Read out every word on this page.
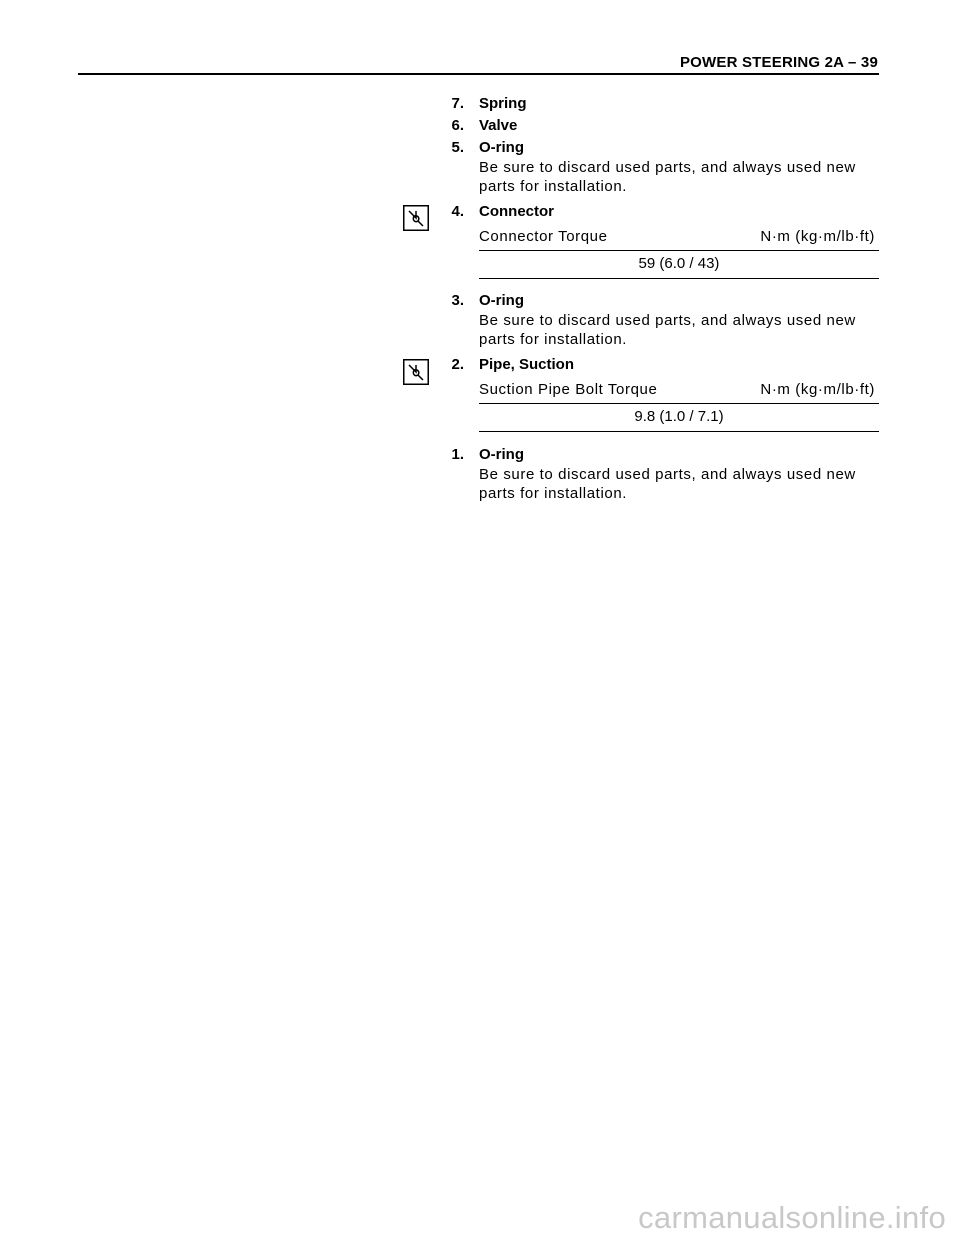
POWER STEERING 2A – 39
7. Spring
6. Valve
5. O-ring
Be sure to discard used parts, and always used new parts for installation.
4. Connector
Connector Torque	N·m (kg·m/lb·ft)
59 (6.0 / 43)
3. O-ring
Be sure to discard used parts, and always used new parts for installation.
2. Pipe, Suction
Suction Pipe Bolt Torque	N·m (kg·m/lb·ft)
9.8 (1.0 / 7.1)
1. O-ring
Be sure to discard used parts, and always used new parts for installation.
carmanualsonline.info
